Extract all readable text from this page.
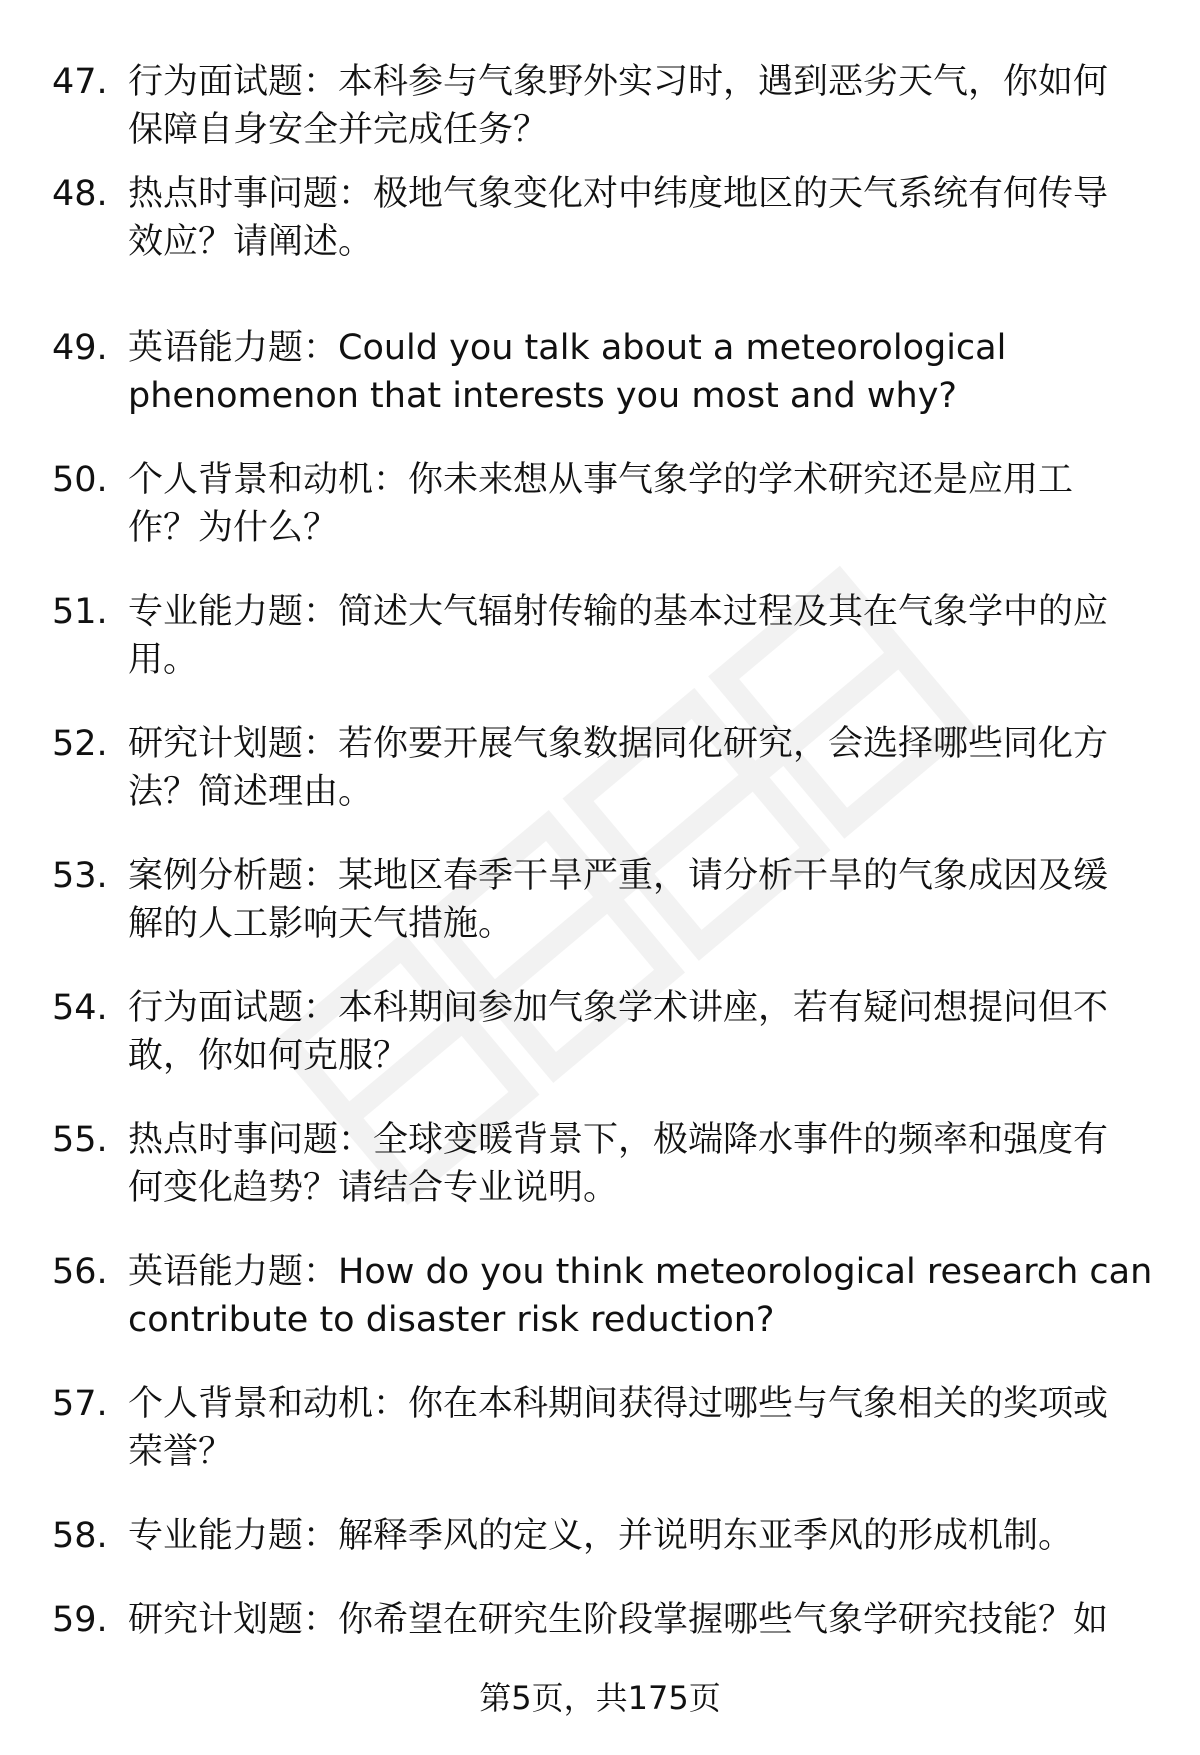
47. 行为面试题：本科参与气象野外实习时，遇到恶劣天气，你如何
保障自身安全并完成任务？
48. 热点时事问题：极地气象变化对中纬度地区的天气系统有何传导
效应？请阐述。
49. 英语能力题：Could you talk about a meteorological
phenomenon that interests you most and why?
50. 个人背景和动机：你未来想从事气象学的学术研究还是应用工
作？为什么？
51. 专业能力题：简述大气辐射传输的基本过程及其在气象学中的应
用。
52. 研究计划题：若你要开展气象数据同化研究，会选择哪些同化方
法？简述理由。
53. 案例分析题：某地区春季干旱严重，请分析干旱的气象成因及缓
解的人工影响天气措施。
54. 行为面试题：本科期间参加气象学术讲座，若有疑问想提问但不
敢，你如何克服？
55. 热点时事问题：全球变暖背景下，极端降水事件的频率和强度有
何变化趋势？请结合专业说明。
56. 英语能力题：How do you think meteorological research can
contribute to disaster risk reduction?
57. 个人背景和动机：你在本科期间获得过哪些与气象相关的奖项或
荣誉？
58. 专业能力题：解释季风的定义，并说明东亚季风的形成机制。
59. 研究计划题：你希望在研究生阶段掌握哪些气象学研究技能？如
第5页，共175页
